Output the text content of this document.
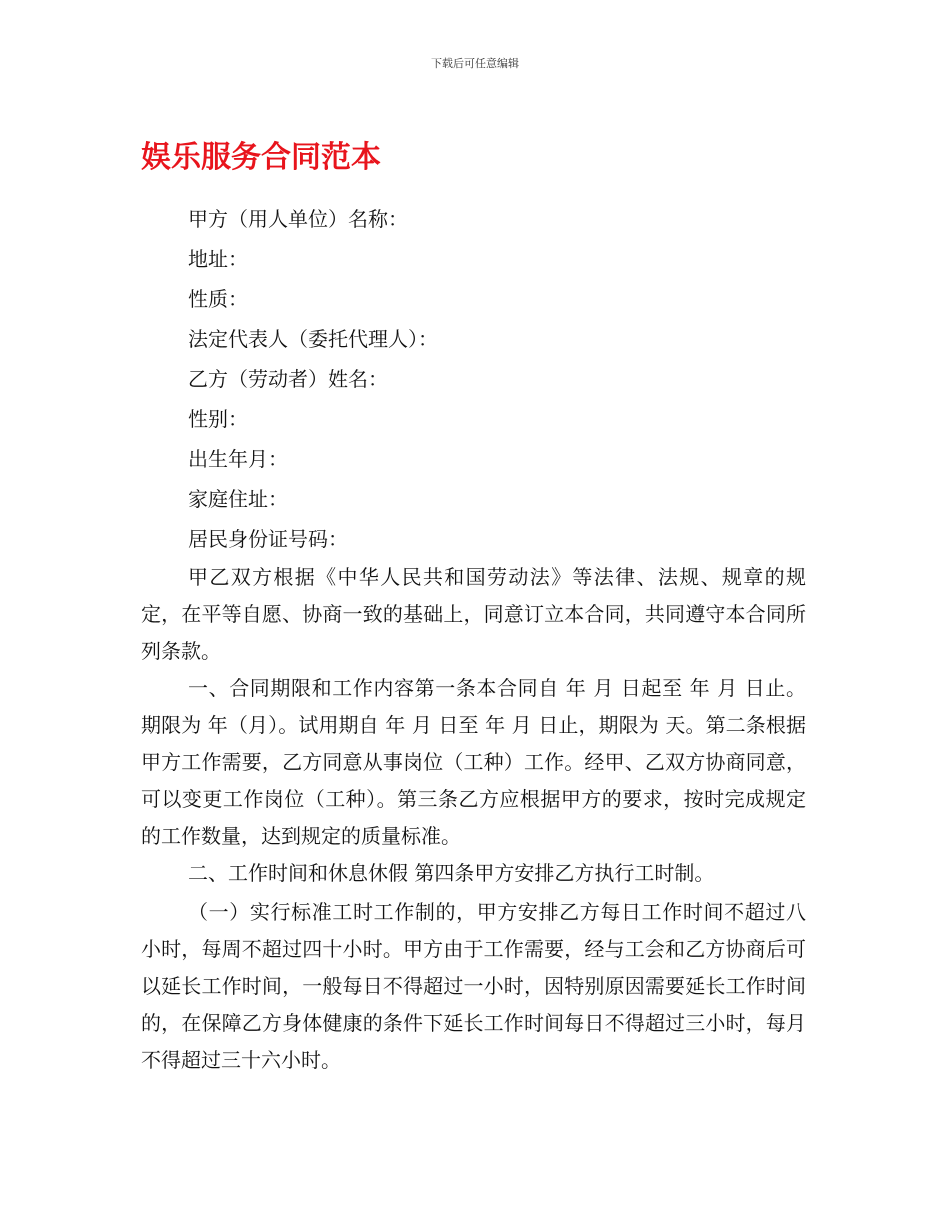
下载后可任意编辑
娱乐服务合同范本

甲方（用人单位）名称：

地址：

性质：

法定代表人（委托代理人）：

乙方（劳动者）姓名：

性别：

出生年月：

家庭住址：

居民身份证号码：

甲乙双方根据《中华人民共和国劳动法》等法律、法规、规章的规定，在平等自愿、协商一致的基础上，同意订立本合同，共同遵守本合同所列条款。

一、合同期限和工作内容第一条本合同自 年 月 日起至 年 月 日止。期限为 年（月）。试用期自 年 月 日至 年 月 日止，期限为 天。第二条根据甲方工作需要，乙方同意从事岗位（工种）工作。经甲、乙双方协商同意，可以变更工作岗位（工种）。第三条乙方应根据甲方的要求，按时完成规定的工作数量，达到规定的质量标准。

二、工作时间和休息休假 第四条甲方安排乙方执行工时制。

（一）实行标准工时工作制的，甲方安排乙方每日工作时间不超过八小时，每周不超过四十小时。甲方由于工作需要，经与工会和乙方协商后可以延长工作时间，一般每日不得超过一小时，因特别原因需要延长工作时间的，在保障乙方身体健康的条件下延长工作时间每日不得超过三小时，每月不得超过三十六小时。
